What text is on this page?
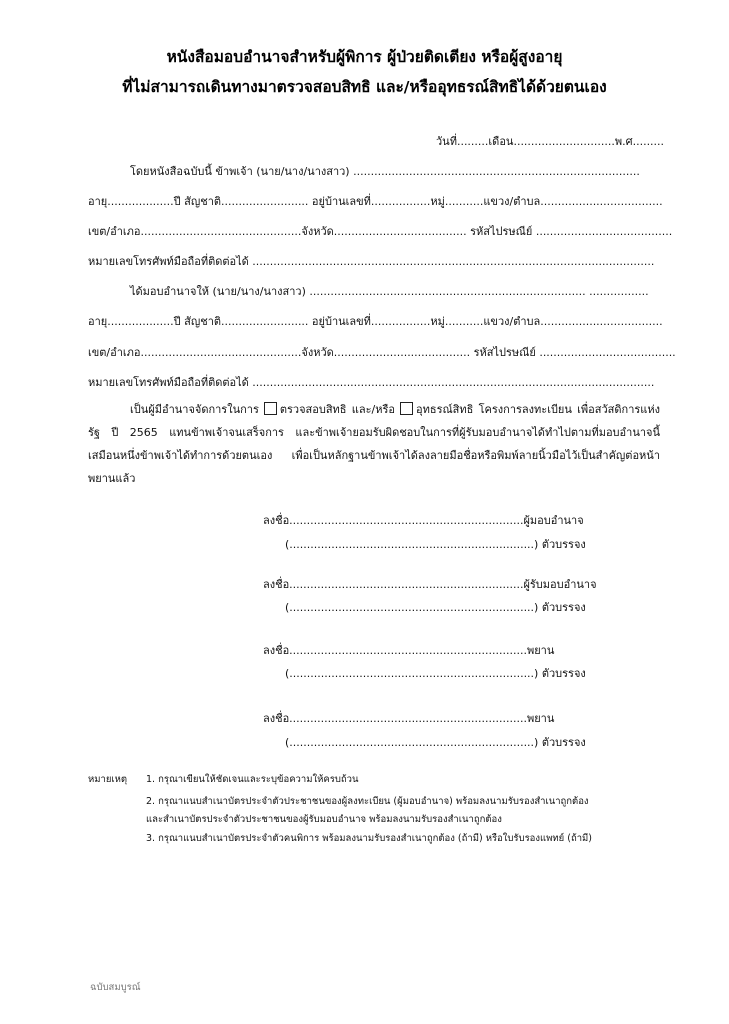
หนังสือมอบอำนาจสำหรับผู้พิการ ผู้ป่วยติดเตียง หรือผู้สูงอายุ
ที่ไม่สามารถเดินทางมาตรวจสอบสิทธิ และ/หรืออุทธรณ์สิทธิได้ด้วยตนเอง
วันที่.........เดือน.............................พ.ศ.........
โดยหนังสือฉบับนี้ ข้าพเจ้า (นาย/นาง/นางสาว) ..................................................................................
อายุ...................ปี สัญชาติ......................... อยู่บ้านเลขที่.................หมู่...........แขวง/ตำบล...................................
เขต/อำเภอ..............................................จังหวัด...................................... รหัสไปรษณีย์ .......................................
หมายเลขโทรศัพท์มือถือที่ติดต่อได้ ...................................................................................................................
ได้มอบอำนาจให้ (นาย/นาง/นางสาว) ............................................................................... .................
อายุ...................ปี สัญชาติ......................... อยู่บ้านเลขที่.................หมู่...........แขวง/ตำบล...................................
เขต/อำเภอ..............................................จังหวัด....................................... รหัสไปรษณีย์ .......................................
หมายเลขโทรศัพท์มือถือที่ติดต่อได้ ...................................................................................................................
เป็นผู้มีอำนาจจัดการในการ ตรวจสอบสิทธิ และ/หรือ อุทธรณ์สิทธิ โครงการลงทะเบียน เพื่อสวัสดิการแห่งรัฐ ปี 2565 แทนข้าพเจ้าจนเสร็จการ และข้าพเจ้ายอมรับผิดชอบในการที่ผู้รับมอบอำนาจได้ทำไปตามที่มอบอำนาจนี้เสมือนหนึ่งข้าพเจ้าได้ทำการด้วยตนเอง เพื่อเป็นหลักฐานข้าพเจ้าได้ลงลายมือชื่อหรือพิมพ์ลายนิ้วมือไว้เป็นสำคัญต่อหน้าพยานแล้ว
ลงชื่อ...................................................................ผู้มอบอำนาจ
(......................................................................) ตัวบรรจง
ลงชื่อ...................................................................ผู้รับมอบอำนาจ
(......................................................................) ตัวบรรจง
ลงชื่อ....................................................................พยาน
(......................................................................) ตัวบรรจง
ลงชื่อ....................................................................พยาน
(......................................................................) ตัวบรรจง
หมายเหตุ 1. กรุณาเขียนให้ชัดเจนและระบุข้อความให้ครบถ้วน
2. กรุณาแนบสำเนาบัตรประจำตัวประชาชนของผู้ลงทะเบียน (ผู้มอบอำนาจ) พร้อมลงนามรับรองสำเนาถูกต้อง
และสำเนาบัตรประจำตัวประชาชนของผู้รับมอบอำนาจ พร้อมลงนามรับรองสำเนาถูกต้อง
3. กรุณาแนบสำเนาบัตรประจำตัวคนพิการ พร้อมลงนามรับรองสำเนาถูกต้อง (ถ้ามี) หรือใบรับรองแพทย์ (ถ้ามี)
ฉบับสมบูรณ์
